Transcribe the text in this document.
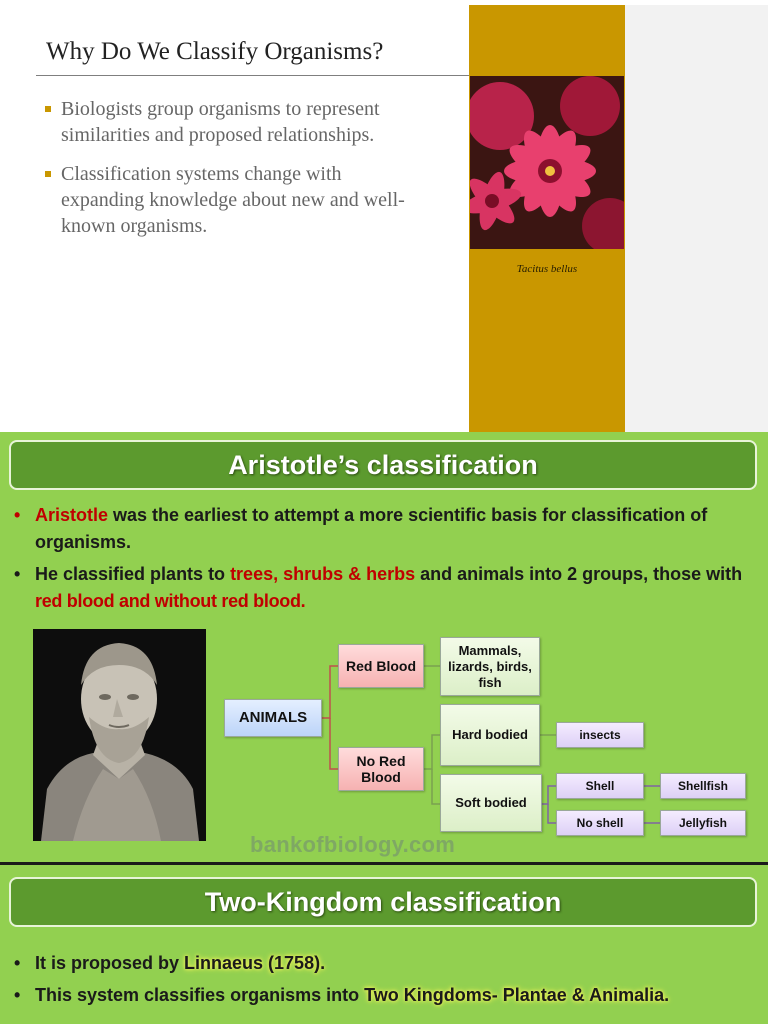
Why Do We Classify Organisms?
Biologists group organisms to represent similarities and proposed relationships.
Classification systems change with expanding knowledge about new and well-known organisms.
Tacitus bellus
Aristotle’s classification
• Aristotle was the earliest to attempt a more scientific basis for classification of organisms.
• He classified plants to trees, shrubs & herbs and animals into 2 groups, those with red blood and without red blood.
ANIMALS
Red Blood
No Red Blood
Mammals, lizards, birds, fish
Hard bodied
Soft bodied
insects
Shell	Shellfish
No shell	Jellyfish
bankofbiology.com
Two-Kingdom classification
• It is proposed by Linnaeus (1758).
• This system classifies organisms into Two Kingdoms- Plantae & Animalia.
